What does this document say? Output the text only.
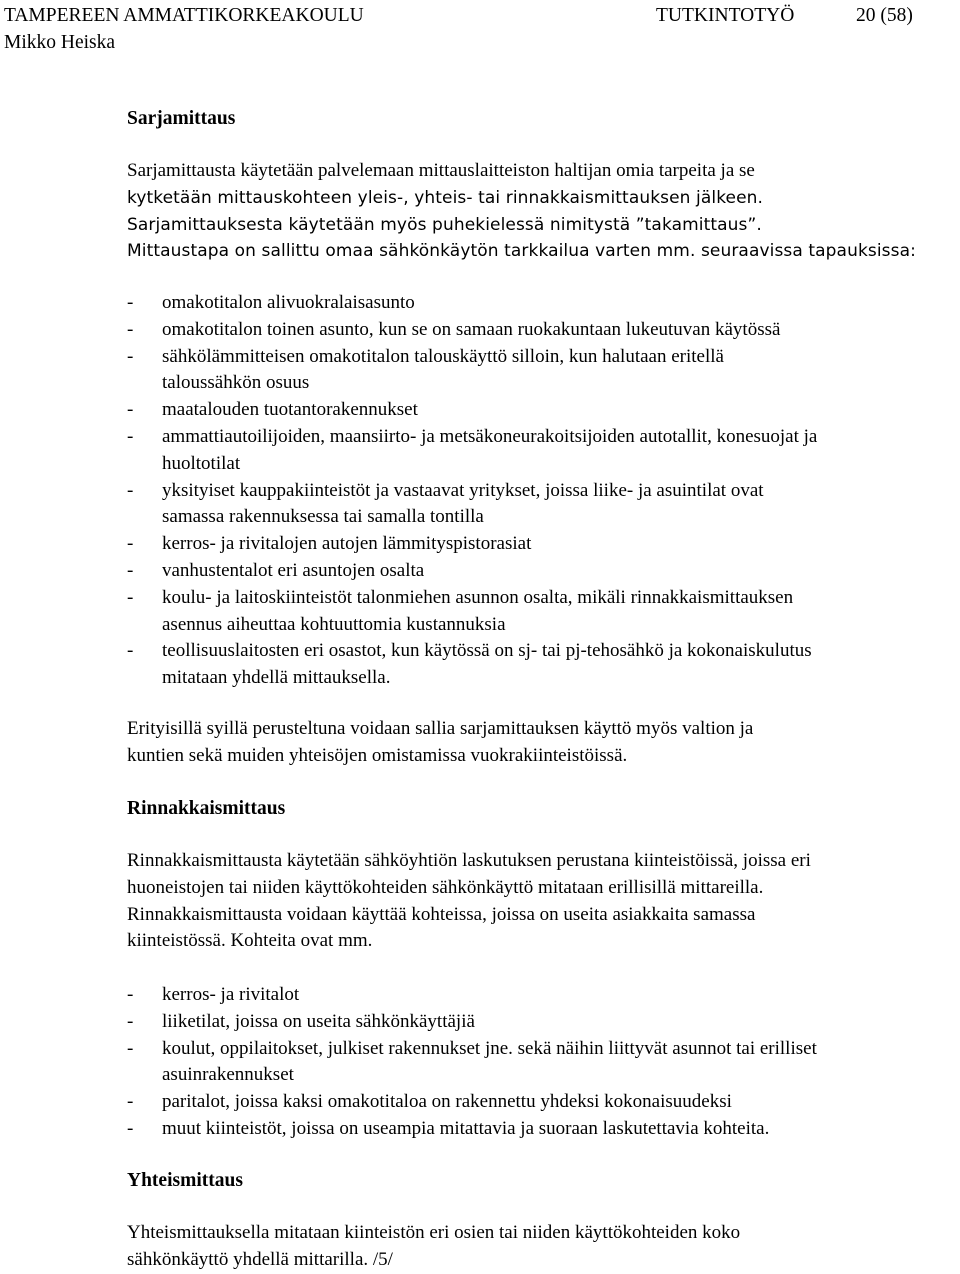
TAMPEREEN AMMATTIKORKEAKOULU
Mikko Heiska
TUTKINTOTYÖ	20 (58)
Sarjamittaus

Sarjamittausta käytetään palvelemaan mittauslaitteiston haltijan omia tarpeita ja se
kytketään mittauskohteen yleis-, yhteis- tai rinnakkaismittauksen jälkeen.
Sarjamittauksesta käytetään myös puhekielessä nimitystä ”takamittaus”.
Mittaustapa on sallittu omaa sähkönkäytön tarkkailua varten mm. seuraavissa tapauksissa:

- omakotitalon alivuokralaisasunto
- omakotitalon toinen asunto, kun se on samaan ruokakuntaan lukeutuvan käytössä
- sähkölämmitteisen omakotitalon talouskäyttö silloin, kun halutaan eritellä
taloussähkön osuus
- maatalouden tuotantorakennukset
- ammattiautoilijoiden, maansiirto- ja metsäkoneurakoitsijoiden autotallit, konesuojat ja
huoltotilat
- yksityiset kauppakiinteistöt ja vastaavat yritykset, joissa liike- ja asuintilat ovat
samassa rakennuksessa tai samalla tontilla
- kerros- ja rivitalojen autojen lämmityspistorasiat
- vanhustentalot eri asuntojen osalta
- koulu- ja laitoskiinteistöt talonmiehen asunnon osalta, mikäli rinnakkaismittauksen
asennus aiheuttaa kohtuuttomia kustannuksia
- teollisuuslaitosten eri osastot, kun käytössä on sj- tai pj-tehosähkö ja kokonaiskulutus
mitataan yhdellä mittauksella.

Erityisillä syillä perusteltuna voidaan sallia sarjamittauksen käyttö myös valtion ja
kuntien sekä muiden yhteisöjen omistamissa vuokrakiinteistöissä.

Rinnakkaismittaus

Rinnakkaismittausta käytetään sähköyhtiön laskutuksen perustana kiinteistöissä, joissa eri
huoneistojen tai niiden käyttökohteiden sähkönkäyttö mitataan erillisillä mittareilla.
Rinnakkaismittausta voidaan käyttää kohteissa, joissa on useita asiakkaita samassa
kiinteistössä. Kohteita ovat mm.

- kerros- ja rivitalot
- liiketilat, joissa on useita sähkönkäyttäjiä
- koulut, oppilaitokset, julkiset rakennukset jne. sekä näihin liittyvät asunnot tai erilliset
asuinrakennukset
- paritalot, joissa kaksi omakotitaloa on rakennettu yhdeksi kokonaisuudeksi
- muut kiinteistöt, joissa on useampia mitattavia ja suoraan laskutettavia kohteita.
Yhteismittaus

Yhteismittauksella mitataan kiinteistön eri osien tai niiden käyttökohteiden koko
sähkönkäyttö yhdellä mittarilla. /5/
